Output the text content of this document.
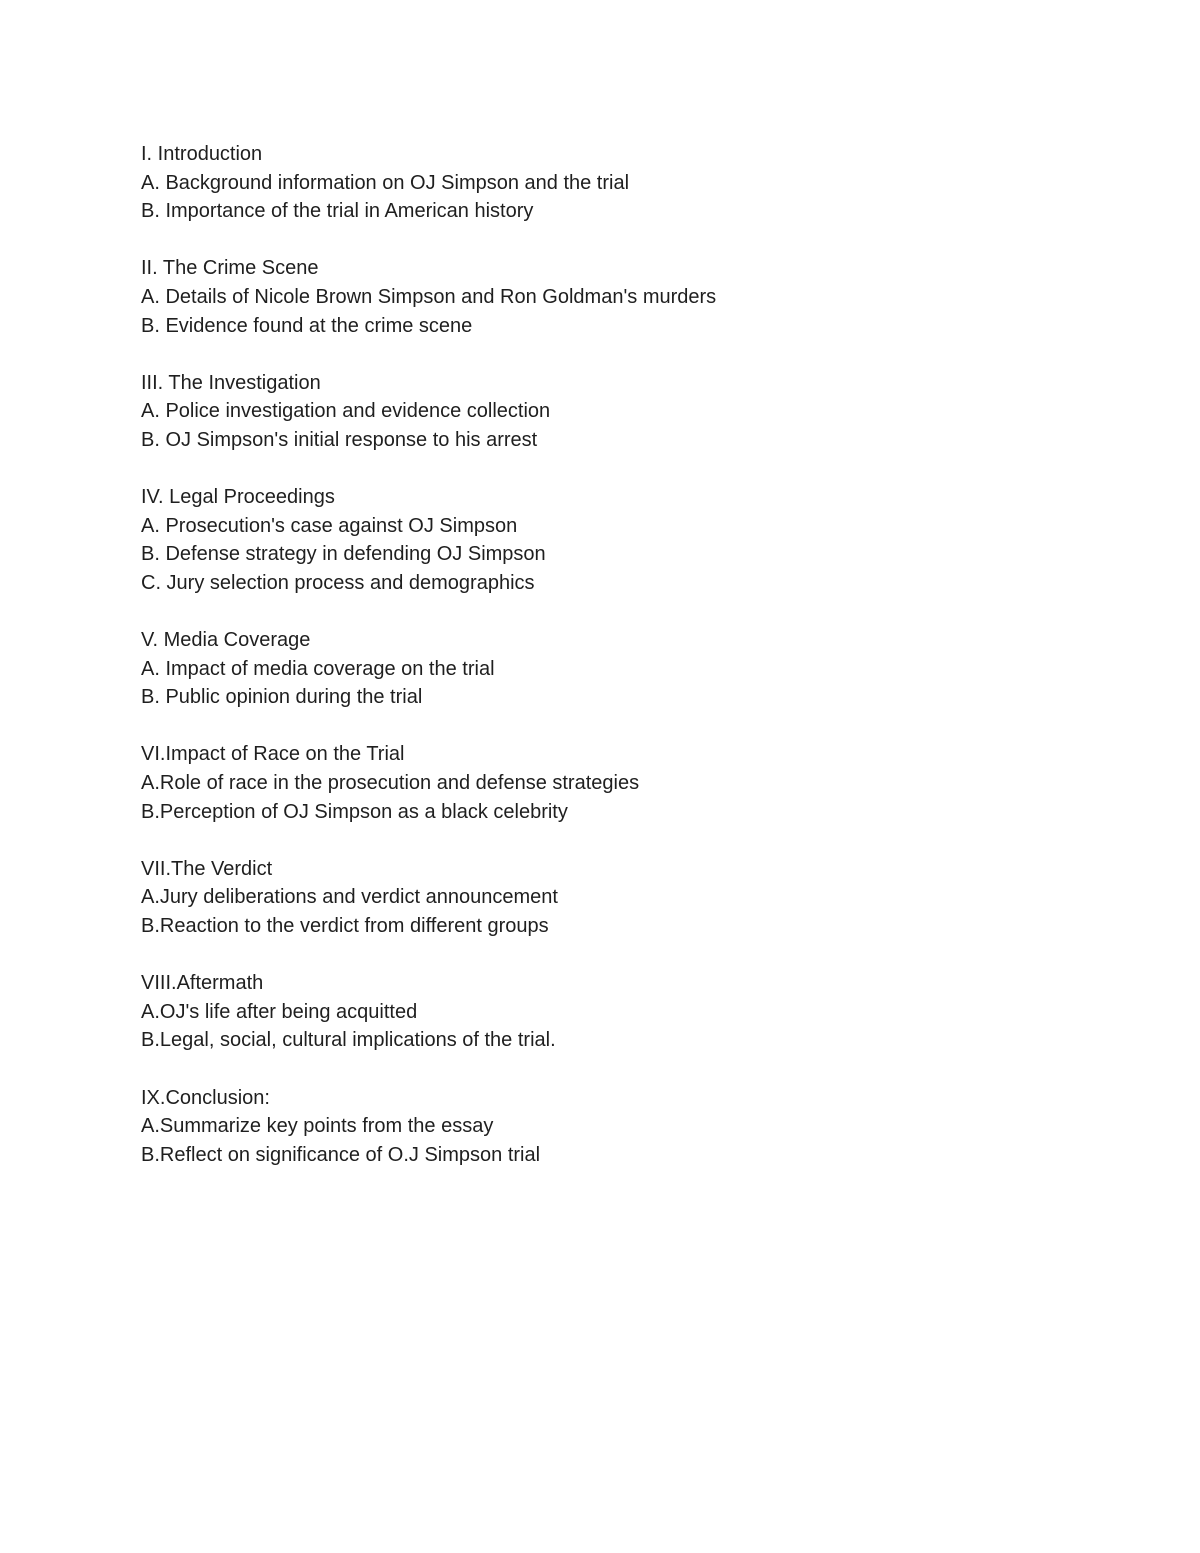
I. Introduction
A. Background information on OJ Simpson and the trial
B. Importance of the trial in American history
II. The Crime Scene
A. Details of Nicole Brown Simpson and Ron Goldman's murders
B. Evidence found at the crime scene
III. The Investigation
A. Police investigation and evidence collection
B. OJ Simpson's initial response to his arrest
IV. Legal Proceedings
A. Prosecution's case against OJ Simpson
B. Defense strategy in defending OJ Simpson
C. Jury selection process and demographics
V. Media Coverage
A. Impact of media coverage on the trial
B. Public opinion during the trial
VI.Impact of Race on the Trial
A.Role of race in the prosecution and defense strategies
B.Perception of OJ Simpson as a black celebrity
VII.The Verdict
A.Jury deliberations and verdict announcement
B.Reaction to the verdict from different groups
VIII.Aftermath
A.OJ's life after being acquitted
B.Legal, social, cultural implications of the trial.
IX.Conclusion:
A.Summarize key points from the essay
B.Reflect on significance of O.J Simpson trial
